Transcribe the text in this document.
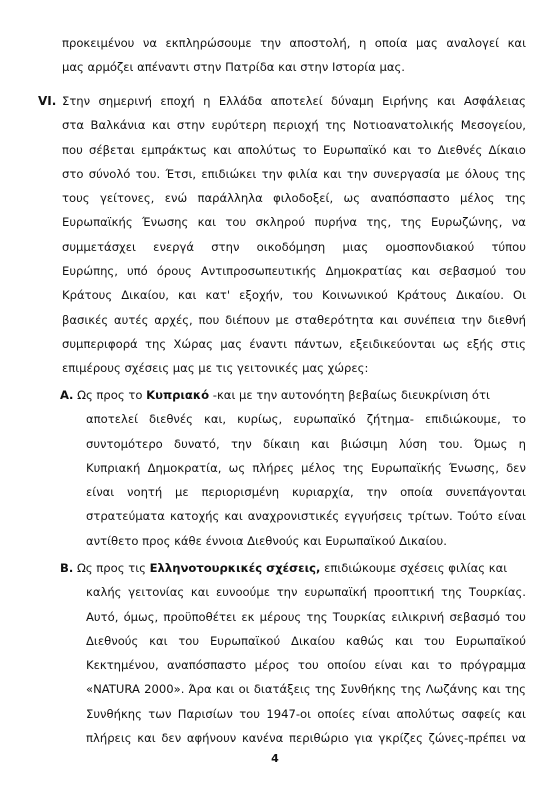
προκειμένου να εκπληρώσουμε την αποστολή, η οποία μας αναλογεί και
μας αρμόζει απέναντι στην Πατρίδα και στην Ιστορία μας.
VI. Στην σημερινή εποχή η Ελλάδα αποτελεί δύναμη Ειρήνης και Ασφάλειας
στα Βαλκάνια και στην ευρύτερη περιοχή της Νοτιοανατολικής Μεσογείου,
που σέβεται εμπράκτως και απολύτως το Ευρωπαϊκό και το Διεθνές Δίκαιο
στο σύνολό του. Έτσι, επιδιώκει την φιλία και την συνεργασία με όλους της
τους γείτονες, ενώ παράλληλα φιλοδοξεί, ως αναπόσπαστο μέλος της
Ευρωπαϊκής Ένωσης και του σκληρού πυρήνα της, της Ευρωζώνης, να
συμμετάσχει ενεργά στην οικοδόμηση μιας ομοσπονδιακού τύπου
Ευρώπης, υπό όρους Αντιπροσωπευτικής Δημοκρατίας και σεβασμού του
Κράτους Δικαίου, και κατ' εξοχήν, του Κοινωνικού Κράτους Δικαίου. Οι
βασικές αυτές αρχές, που διέπουν με σταθερότητα και συνέπεια την διεθνή
συμπεριφορά της Χώρας μας έναντι πάντων, εξειδικεύονται ως εξής στις
επιμέρους σχέσεις μας με τις γειτονικές μας χώρες:
Α.
Ως προς το
Κυπριακό
-και με την αυτονόητη βεβαίως διευκρίνιση ότι
αποτελεί διεθνές και, κυρίως, ευρωπαϊκό ζήτημα- επιδιώκουμε, το
συντομότερο δυνατό, την δίκαιη και βιώσιμη λύση του. Όμως η
Κυπριακή Δημοκρατία, ως πλήρες μέλος της Ευρωπαϊκής Ένωσης, δεν
είναι νοητή με περιορισμένη κυριαρχία, την οποία συνεπάγονται
στρατεύματα κατοχής και αναχρονιστικές εγγυήσεις τρίτων. Τούτο είναι
αντίθετο προς κάθε έννοια Διεθνούς και Ευρωπαϊκού Δικαίου.
Β.
Ως προς τις
Ελληνοτουρκικές σχέσεις,
επιδιώκουμε σχέσεις φιλίας και
καλής γειτονίας και ευνοούμε την ευρωπαϊκή προοπτική της Τουρκίας.
Αυτό, όμως, προϋποθέτει εκ μέρους της Τουρκίας ειλικρινή σεβασμό του
Διεθνούς και του Ευρωπαϊκού Δικαίου καθώς και του Ευρωπαϊκού
Κεκτημένου, αναπόσπαστο μέρος του οποίου είναι και το πρόγραμμα
«NATURA 2000». Άρα και οι διατάξεις της Συνθήκης της Λωζάνης και της
Συνθήκης των Παρισίων του 1947-οι οποίες είναι απολύτως σαφείς και
πλήρεις και δεν αφήνουν κανένα περιθώριο για γκρίζες ζώνες-πρέπει να
4
